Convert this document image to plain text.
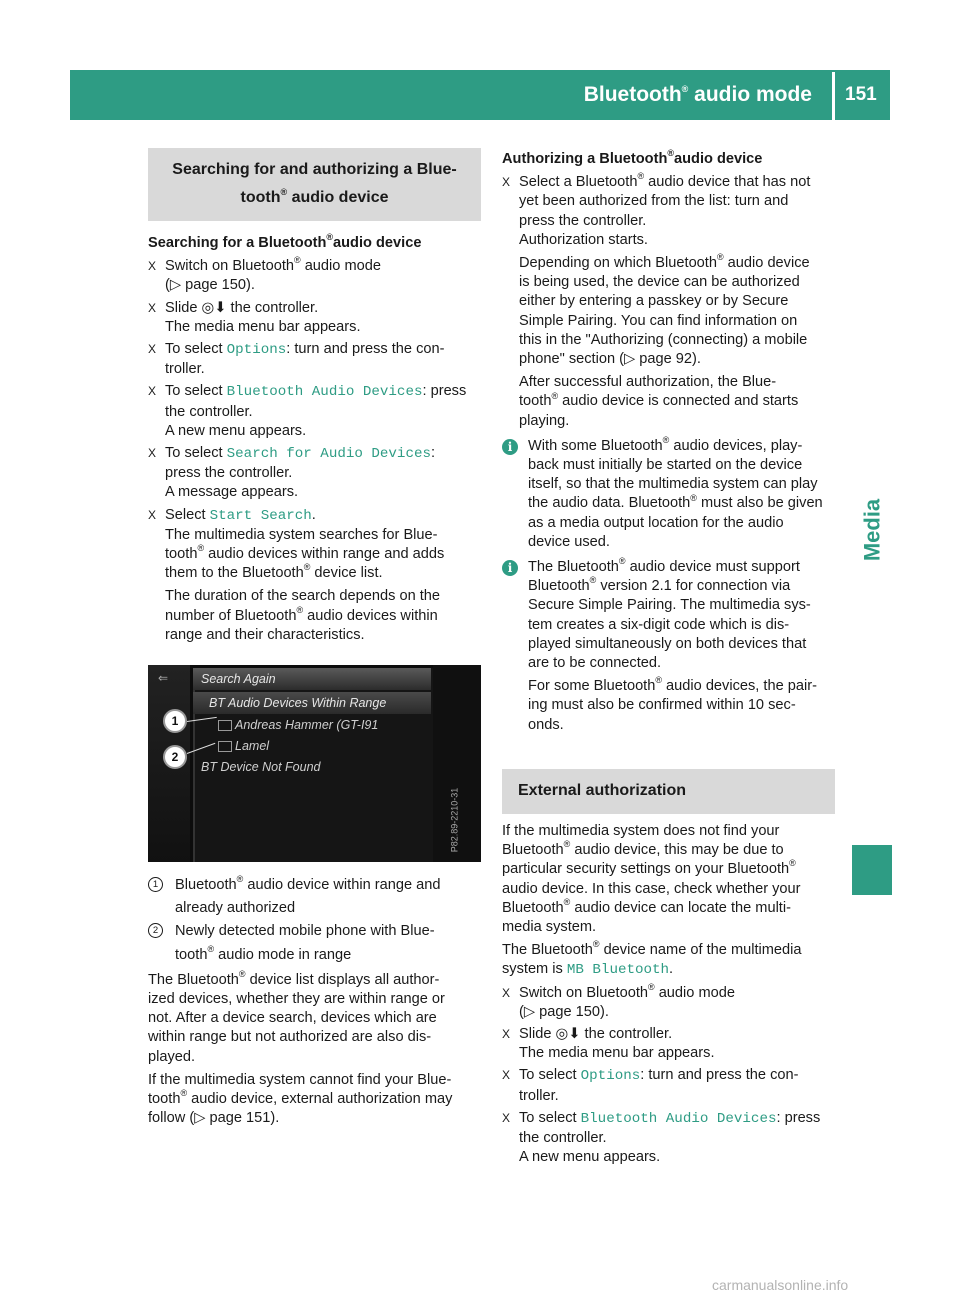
Bluetooth® audio mode 151
Media
Searching for and authorizing a Blue-tooth® audio device
Searching for a Bluetooth®audio device
X Switch on Bluetooth® audio mode

(▷ page 150).

X Slide ◎⬇ the controller.

The media menu bar appears.

X To select Options: turn and press the con-

troller.

X To select Bluetooth Audio Devices: press

the controller.

A new menu appears.

X To select Search for Audio Devices:

press the controller.

A message appears.

X Select Start Search.

The multimedia system searches for Blue-

tooth® audio devices within range and adds

them to the Bluetooth® device list.

The duration of the search depends on the

number of Bluetooth® audio devices within

range and their characteristics.

⇐	Search Again
BT Audio Devices Within Range
Andreas Hammer (GT-I91
Lamel
BT Device Not Found
P82.89-2210-31
1
2
1	Bluetooth® audio device within range and

already authorized

2	Newly detected mobile phone with Blue-

tooth® audio mode in range

The Bluetooth® device list displays all author-

ized devices, whether they are within range or

not. After a device search, devices which are

within range but not authorized are also dis-

played.

If the multimedia system cannot find your Blue-

tooth® audio device, external authorization may

follow (▷ page 151).

Authorizing a Bluetooth®audio device
X Select a Bluetooth® audio device that has not

yet been authorized from the list: turn and

press the controller.

Authorization starts.

Depending on which Bluetooth® audio device

is being used, the device can be authorized

either by entering a passkey or by Secure

Simple Pairing. You can find information on

this in the "Authorizing (connecting) a mobile

phone" section (▷ page 92).

After successful authorization, the Blue-

tooth® audio device is connected and starts

playing.

i	With some Bluetooth® audio devices, play-

back must initially be started on the device

itself, so that the multimedia system can play

the audio data. Bluetooth® must also be given

as a media output location for the audio

device used.

i	The Bluetooth® audio device must support

Bluetooth® version 2.1 for connection via

Secure Simple Pairing. The multimedia sys-

tem creates a six-digit code which is dis-

played simultaneously on both devices that

are to be connected.

For some Bluetooth® audio devices, the pair-

ing must also be confirmed within 10 sec-

onds.

External authorization

If the multimedia system does not find your

Bluetooth® audio device, this may be due to

particular security settings on your Bluetooth®

audio device. In this case, check whether your

Bluetooth® audio device can locate the multi-

media system.

The Bluetooth® device name of the multimedia

system is MB Bluetooth.

X Switch on Bluetooth® audio mode

(▷ page 150).

X Slide ◎⬇ the controller.

The media menu bar appears.

X To select Options: turn and press the con-

troller.

X To select Bluetooth Audio Devices: press

the controller.

A new menu appears.

carmanualsonline.info
